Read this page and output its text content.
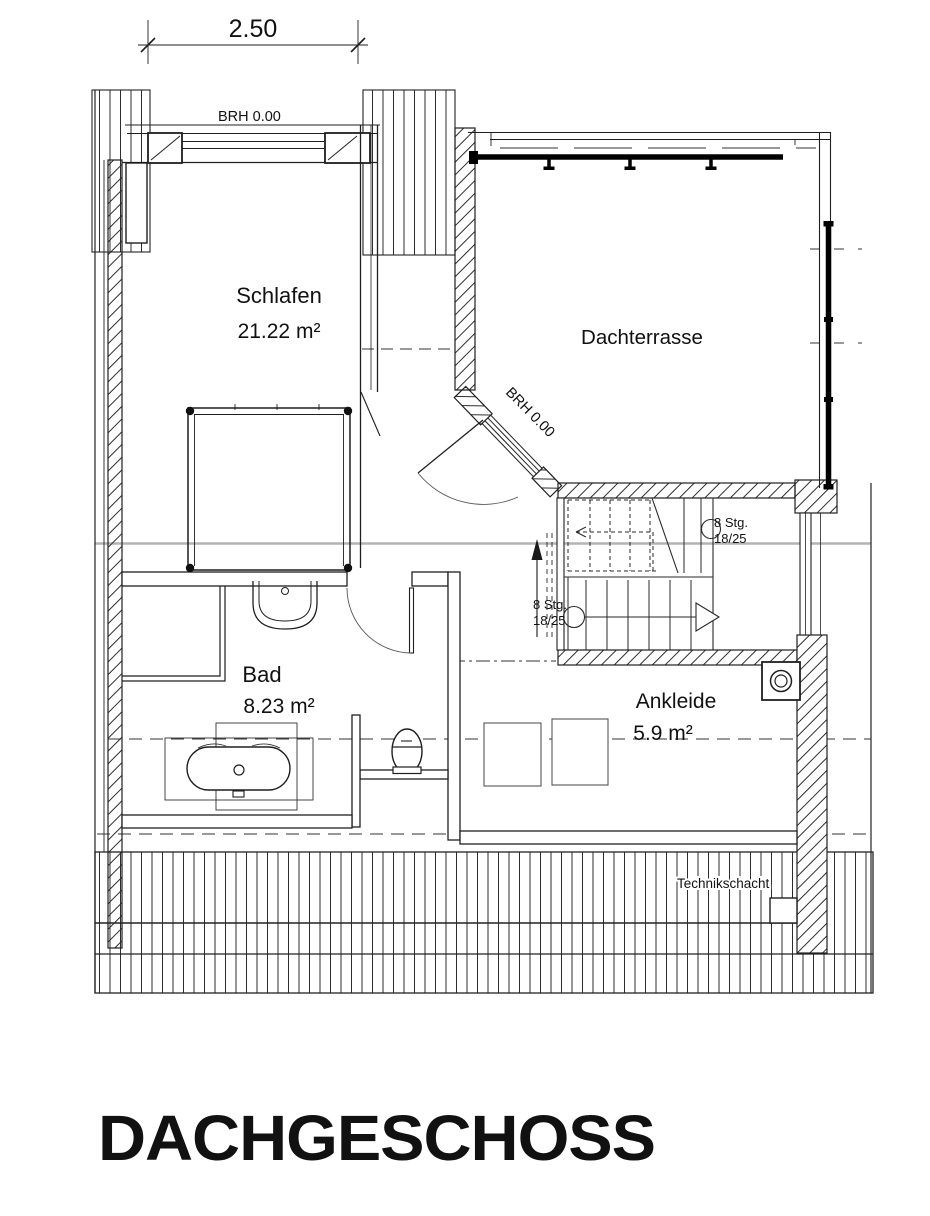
2.50
BRH 0.00
Schlafen
21.22 m²	Dachterrasse
BRH 0.00
8 Stg.
18/25
8 Stg.
18/25
Bad
8.23 m²	Ankleide
5.9 m²
Technikschacht
DACHGESCHOSS
